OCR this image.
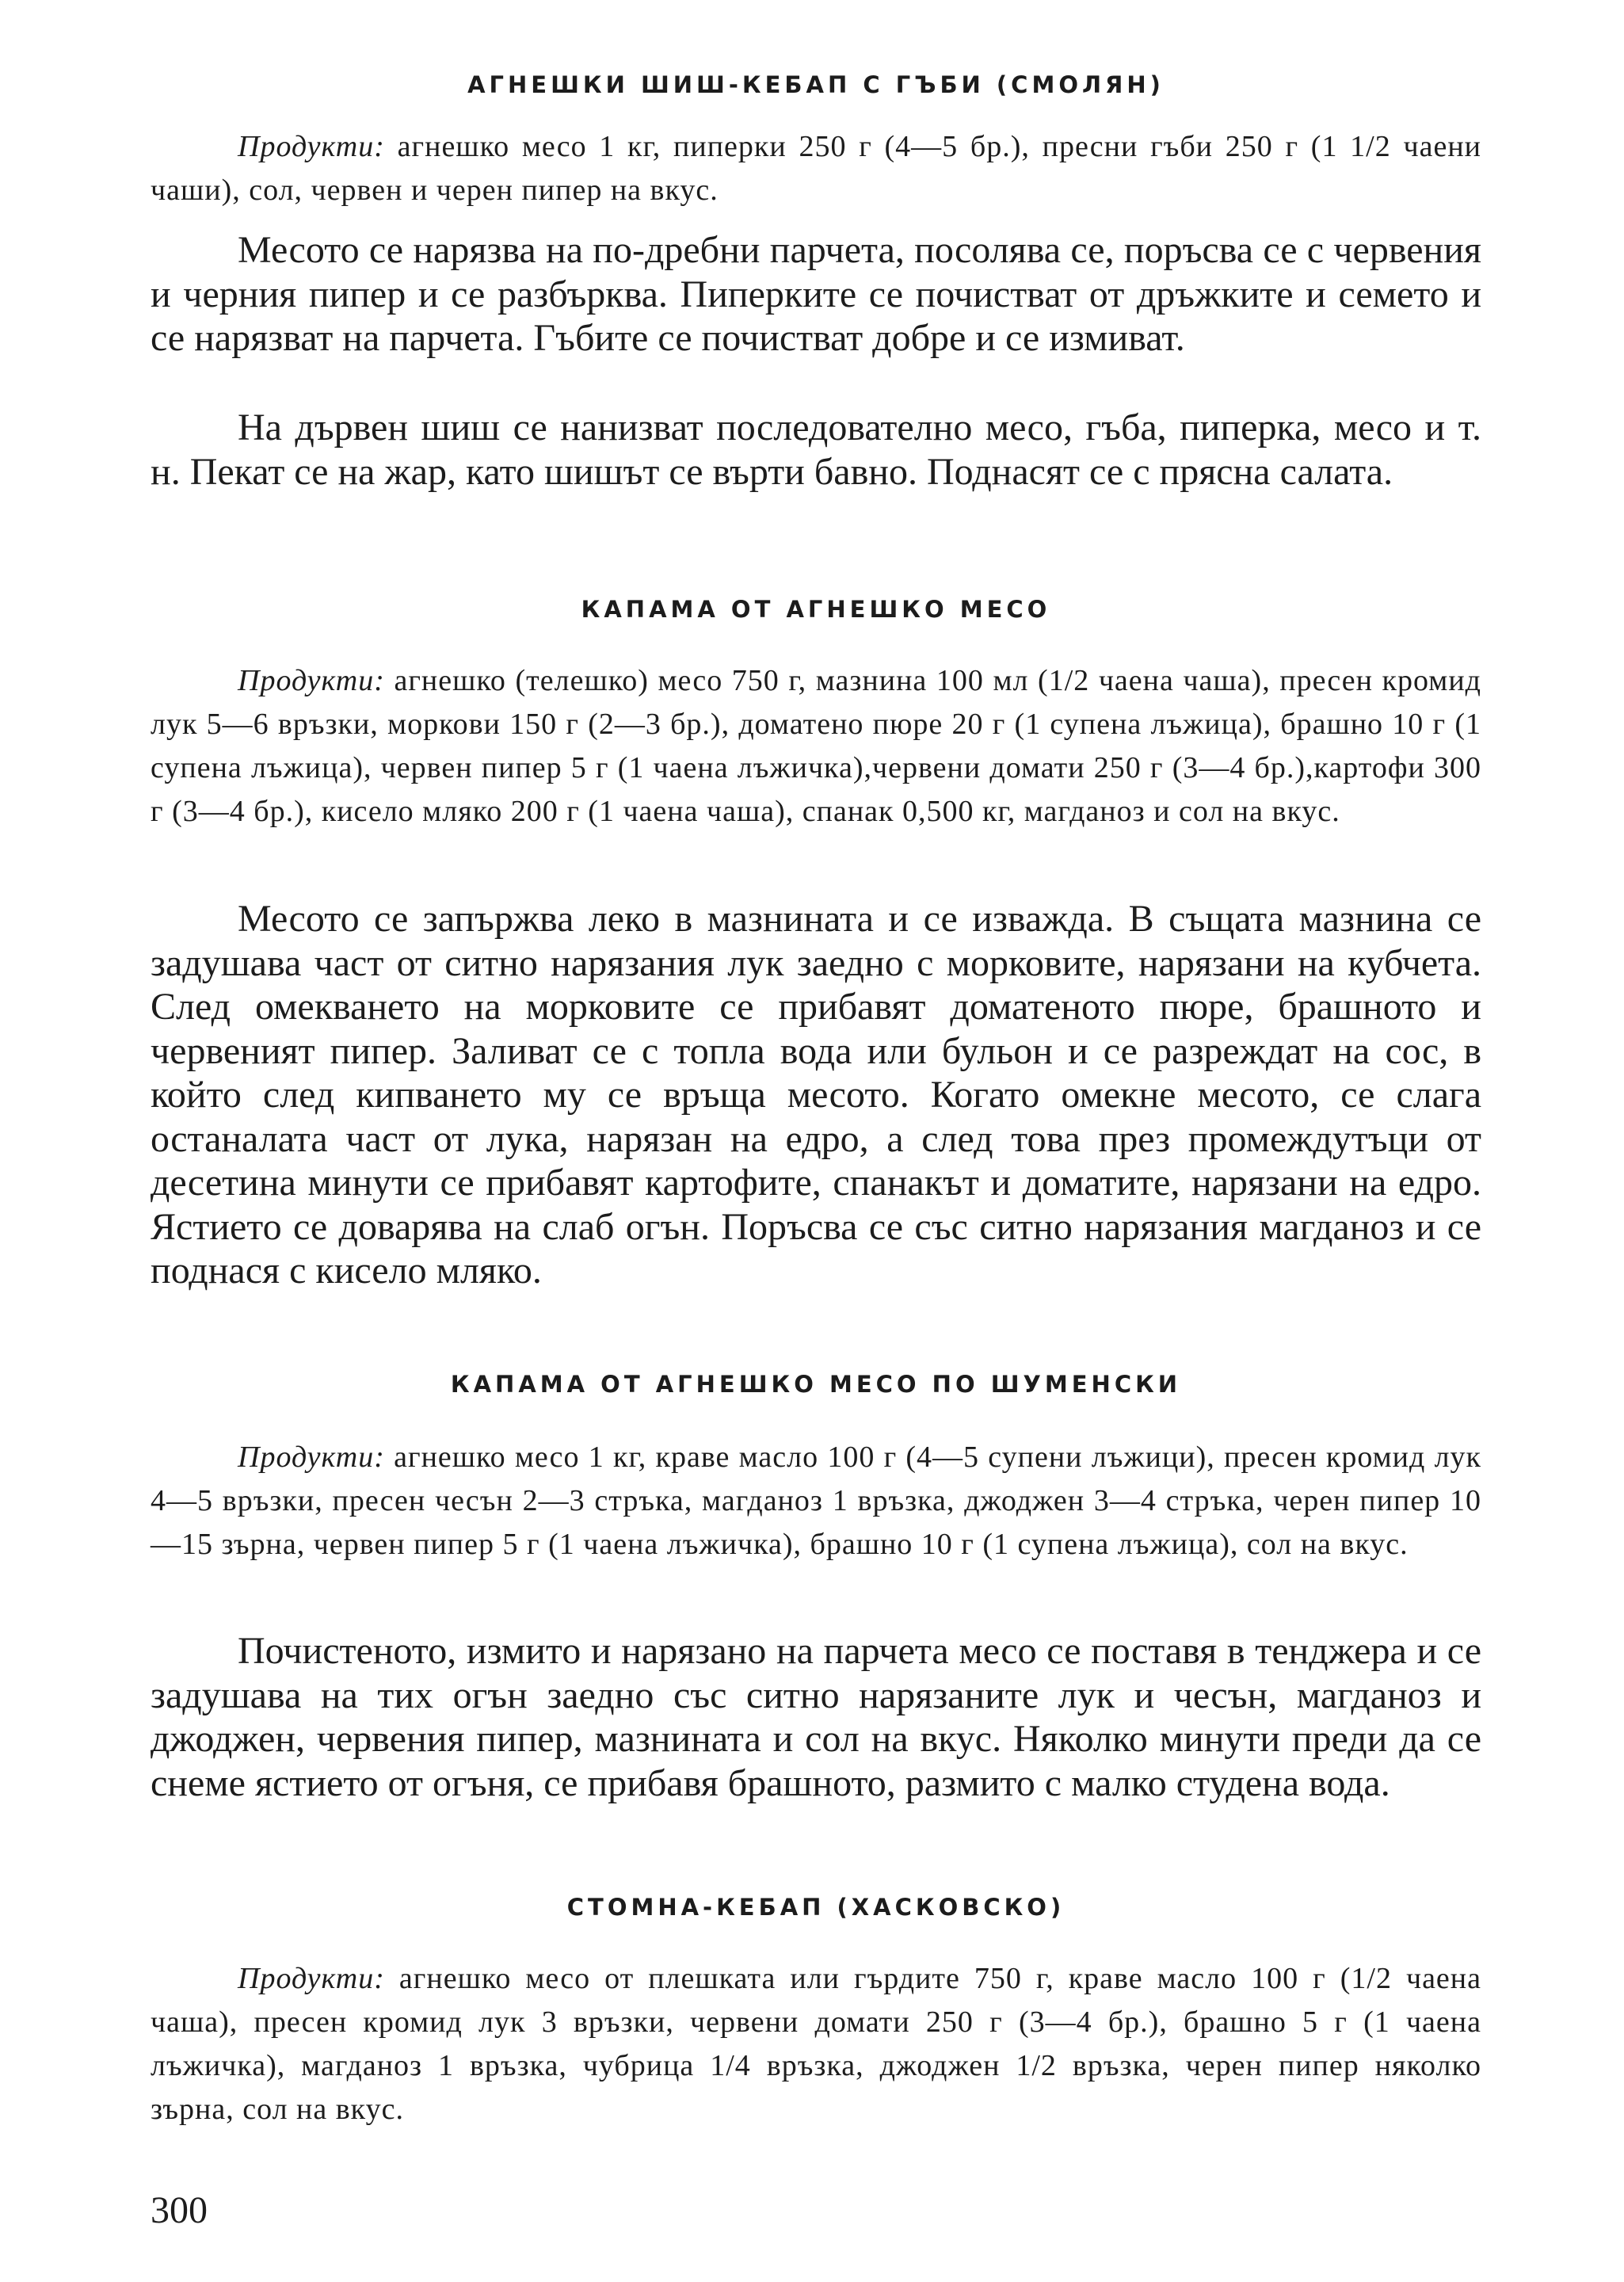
АГНЕШКИ ШИШ-КЕБАП С ГЪБИ (СМОЛЯН)

Продукти: агнешко месо 1 кг, пиперки 250 г (4—5 бр.), пресни гъби 250 г (1 1/2 чаени чаши), сол, червен и черен пипер на вкус.

Месото се нарязва на по-дребни парчета, посолява се, поръсва се с червения и черния пипер и се разбърква. Пиперките се почистват от дръжките и семето и се нарязват на парчета. Гъбите се почистват добре и се измиват.

На дървен шиш се нанизват последователно месо, гъба, пиперка, месо и т. н. Пекат се на жар, като шишът се върти бавно. Поднасят се с прясна салата.

КАПАМА ОТ АГНЕШКО МЕСО

Продукти: агнешко (телешко) месо 750 г, мазнина 100 мл (1/2 чаена чаша), пресен кромид лук 5—6 връзки, моркови 150 г (2—3 бр.), доматено пюре 20 г (1 супена лъжица), брашно 10 г (1 супена лъжица), червен пипер 5 г (1 чаена лъжичка),червени домати 250 г (3—4 бр.),картофи 300 г (3—4 бр.), кисело мляко 200 г (1 чаена чаша), спанак 0,500 кг, магданоз и сол на вкус.

Месото се запържва леко в мазнината и се изважда. В същата мазнина се задушава част от ситно нарязания лук заедно с морковите, нарязани на кубчета. След омекването на морковите се прибавят доматеното пюре, брашното и червеният пипер. Заливат се с топла вода или бульон и се разреждат на сос, в който след кипването му се връща месото. Когато омекне месото, се слага останалата част от лука, нарязан на едро, а след това през промеждутъци от десетина минути се прибавят картофите, спанакът и доматите, нарязани на едро. Ястието се доварява на слаб огън. Поръсва се със ситно нарязания магданоз и се поднася с кисело мляко.

КАПАМА ОТ АГНЕШКО МЕСО ПО ШУМЕНСКИ

Продукти: агнешко месо 1 кг, краве масло 100 г (4—5 супени лъжици), пресен кромид лук 4—5 връзки, пресен чесън 2—3 стръка, магданоз 1 връзка, джоджен 3—4 стръка, черен пипер 10—15 зърна, червен пипер 5 г (1 чаена лъжичка), брашно 10 г (1 супена лъжица), сол на вкус.

Почистеното, измито и нарязано на парчета месо се поставя в тенджера и се задушава на тих огън заедно със ситно нарязаните лук и чесън, магданоз и джоджен, червения пипер, мазнината и сол на вкус. Няколко минути преди да се снеме ястието от огъня, се прибавя брашното, размито с малко студена вода.

СТОМНА-КЕБАП (ХАСКОВСКО)

Продукти: агнешко месо от плешката или гърдите 750 г, краве масло 100 г (1/2 чаена чаша), пресен кромид лук 3 връзки, червени домати 250 г (3—4 бр.), брашно 5 г (1 чаена лъжичка), магданоз 1 връзка, чубрица 1/4 връзка, джоджен 1/2 връзка, черен пипер няколко зърна, сол на вкус.

300
